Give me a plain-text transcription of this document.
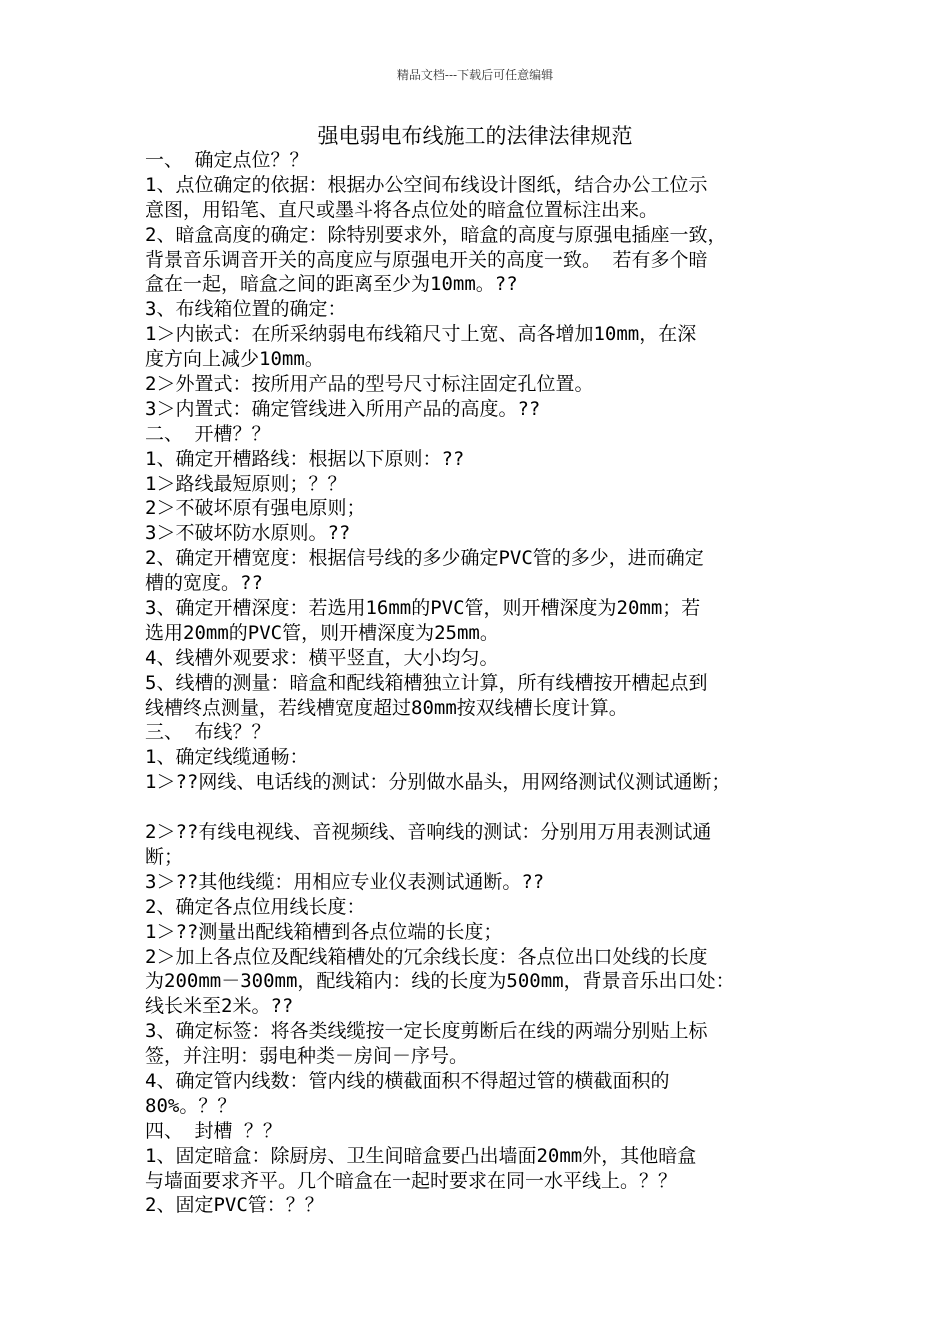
精品文档---下载后可任意编辑
强电弱电布线施工的法律法律规范
一、 确定点位？？
1、点位确定的依据：根据办公空间布线设计图纸，结合办公工位示
意图，用铅笔、直尺或墨斗将各点位处的暗盒位置标注出来。
2、暗盒高度的确定：除特别要求外，暗盒的高度与原强电插座一致，
背景音乐调音开关的高度应与原强电开关的高度一致。 若有多个暗
盒在一起，暗盒之间的距离至少为10mm。??
3、布线箱位置的确定：
1＞内嵌式：在所采纳弱电布线箱尺寸上宽、高各增加10mm，在深
度方向上减少10mm。
2＞外置式：按所用产品的型号尺寸标注固定孔位置。
3＞内置式：确定管线进入所用产品的高度。??
二、 开槽？？
1、确定开槽路线：根据以下原则：??
1＞路线最短原则；？？
2＞不破坏原有强电原则；
3＞不破坏防水原则。??
2、确定开槽宽度：根据信号线的多少确定PVC管的多少，进而确定
槽的宽度。??
3、确定开槽深度：若选用16mm的PVC管，则开槽深度为20mm；若
选用20mm的PVC管，则开槽深度为25mm。
4、线槽外观要求：横平竖直，大小均匀。
5、线槽的测量：暗盒和配线箱槽独立计算，所有线槽按开槽起点到
线槽终点测量，若线槽宽度超过80mm按双线槽长度计算。
三、 布线？？
1、确定线缆通畅：
1＞??网线、电话线的测试：分别做水晶头，用网络测试仪测试通断；
2＞??有线电视线、音视频线、音响线的测试：分别用万用表测试通
断；
3＞??其他线缆：用相应专业仪表测试通断。??
2、确定各点位用线长度：
1＞??测量出配线箱槽到各点位端的长度；
2＞加上各点位及配线箱槽处的冗余线长度：各点位出口处线的长度
为200mm－300mm，配线箱内：线的长度为500mm，背景音乐出口处：
线长米至2米。??
3、确定标签：将各类线缆按一定长度剪断后在线的两端分别贴上标
签，并注明：弱电种类－房间－序号。
4、确定管内线数：管内线的横截面积不得超过管的横截面积的
80%。？？
四、 封槽 ？？
1、固定暗盒：除厨房、卫生间暗盒要凸出墙面20mm外，其他暗盒
与墙面要求齐平。几个暗盒在一起时要求在同一水平线上。？？
2、固定PVC管：？？
